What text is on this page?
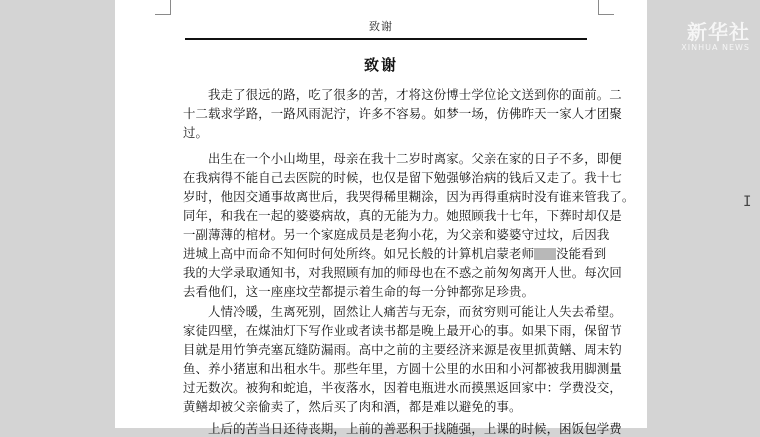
致谢
致谢
我走了很远的路，吃了很多的苦，才将这份博士学位论文送到你的面前。二
十二载求学路，一路风雨泥泞，许多不容易。如梦一场，仿佛昨天一家人才团聚
过。
出生在一个小山坳里，母亲在我十二岁时离家。父亲在家的日子不多，即便
在我病得不能自己去医院的时候，也仅是留下勉强够治病的钱后又走了。我十七
岁时，他因交通事故离世后，我哭得稀里糊涂，因为再得重病时没有谁来管我了。
同年，和我在一起的婆婆病故，真的无能为力。她照顾我十七年，下葬时却仅是
一副薄薄的棺材。另一个家庭成员是老狗小花，为父亲和婆婆守过坟，后因我
进城上高中而命不知何时何处所终。如兄长般的计算机启蒙老师 没能看到
我的大学录取通知书，对我照顾有加的师母也在不惑之前匆匆离开人世。每次回
去看他们，这一座座坟茔都提示着生命的每一分钟都弥足珍贵。
人情冷暖，生离死别，固然让人痛苦与无奈，而贫穷则可能让人失去希望。
家徒四壁，在煤油灯下写作业或者读书都是晚上最开心的事。如果下雨，保留节
目就是用竹笋壳塞瓦缝防漏雨。高中之前的主要经济来源是夜里抓黄鳝、周末钓
鱼、养小猪崽和出租水牛。那些年里，方圆十公里的水田和小河都被我用脚测量
过无数次。被狗和蛇追，半夜落水，因着电瓶进水而摸黑返回家中：学费没交，
黄鳝却被父亲偷卖了，然后买了肉和酒，都是难以避免的事。
上后的苦当日还待丧期，上前的善恶积于找随强，上课的时候，困饭包学费
新华社
XINHUA NEWS
I
